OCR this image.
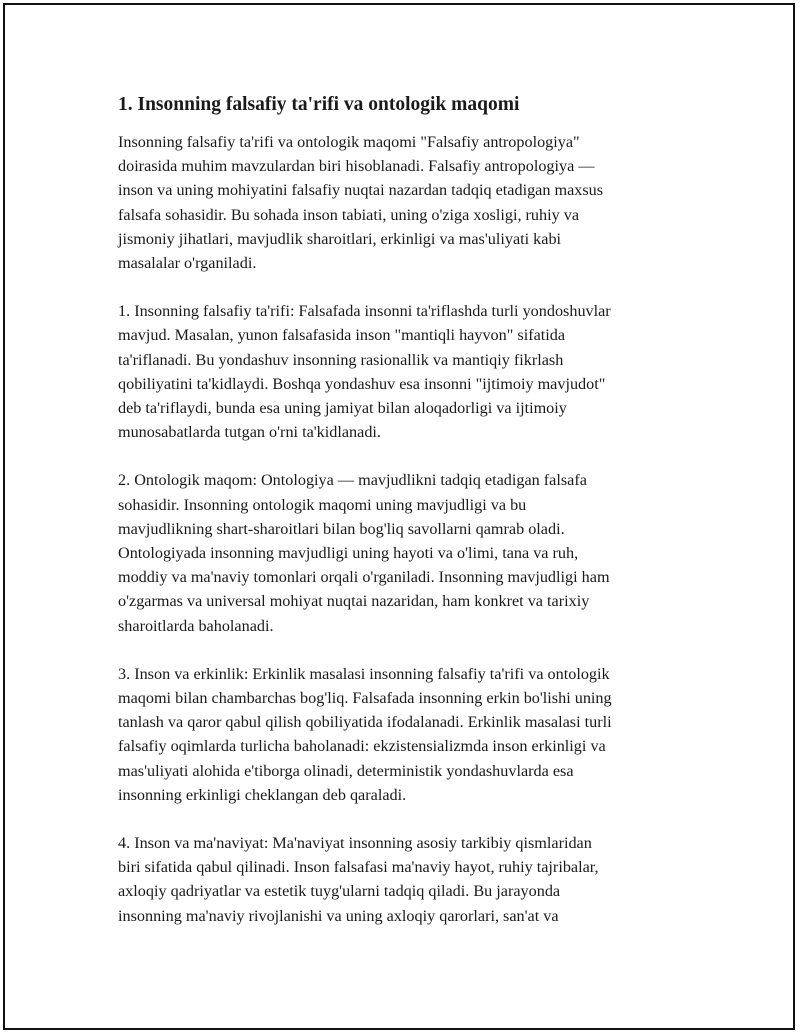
1. Insonning falsafiy ta'rifi va ontologik maqomi

Insonning falsafiy ta'rifi va ontologik maqomi "Falsafiy antropologiya"
doirasida muhim mavzulardan biri hisoblanadi. Falsafiy antropologiya —
inson va uning mohiyatini falsafiy nuqtai nazardan tadqiq etadigan maxsus
falsafa sohasidir. Bu sohada inson tabiati, uning o'ziga xosligi, ruhiy va
jismoniy jihatlari, mavjudlik sharoitlari, erkinligi va mas'uliyati kabi
masalalar o'rganiladi.

1. Insonning falsafiy ta'rifi: Falsafada insonni ta'riflashda turli yondoshuvlar
mavjud. Masalan, yunon falsafasida inson "mantiqli hayvon" sifatida
ta'riflanadi. Bu yondashuv insonning rasionallik va mantiqiy fikrlash
qobiliyatini ta'kidlaydi. Boshqa yondashuv esa insonni "ijtimoiy mavjudot"
deb ta'riflaydi, bunda esa uning jamiyat bilan aloqadorligi va ijtimoiy
munosabatlarda tutgan o'rni ta'kidlanadi.

2. Ontologik maqom: Ontologiya — mavjudlikni tadqiq etadigan falsafa
sohasidir. Insonning ontologik maqomi uning mavjudligi va bu
mavjudlikning shart-sharoitlari bilan bog'liq savollarni qamrab oladi.
Ontologiyada insonning mavjudligi uning hayoti va o'limi, tana va ruh,
moddiy va ma'naviy tomonlari orqali o'rganiladi. Insonning mavjudligi ham
o'zgarmas va universal mohiyat nuqtai nazaridan, ham konkret va tarixiy
sharoitlarda baholanadi.

3. Inson va erkinlik: Erkinlik masalasi insonning falsafiy ta'rifi va ontologik
maqomi bilan chambarchas bog'liq. Falsafada insonning erkin bo'lishi uning
tanlash va qaror qabul qilish qobiliyatida ifodalanadi. Erkinlik masalasi turli
falsafiy oqimlarda turlicha baholanadi: ekzistensializmda inson erkinligi va
mas'uliyati alohida e'tiborga olinadi, deterministik yondashuvlarda esa
insonning erkinligi cheklangan deb qaraladi.

4. Inson va ma'naviyat: Ma'naviyat insonning asosiy tarkibiy qismlaridan
biri sifatida qabul qilinadi. Inson falsafasi ma'naviy hayot, ruhiy tajribalar,
axloqiy qadriyatlar va estetik tuyg'ularni tadqiq qiladi. Bu jarayonda
insonning ma'naviy rivojlanishi va uning axloqiy qarorlari, san'at va
